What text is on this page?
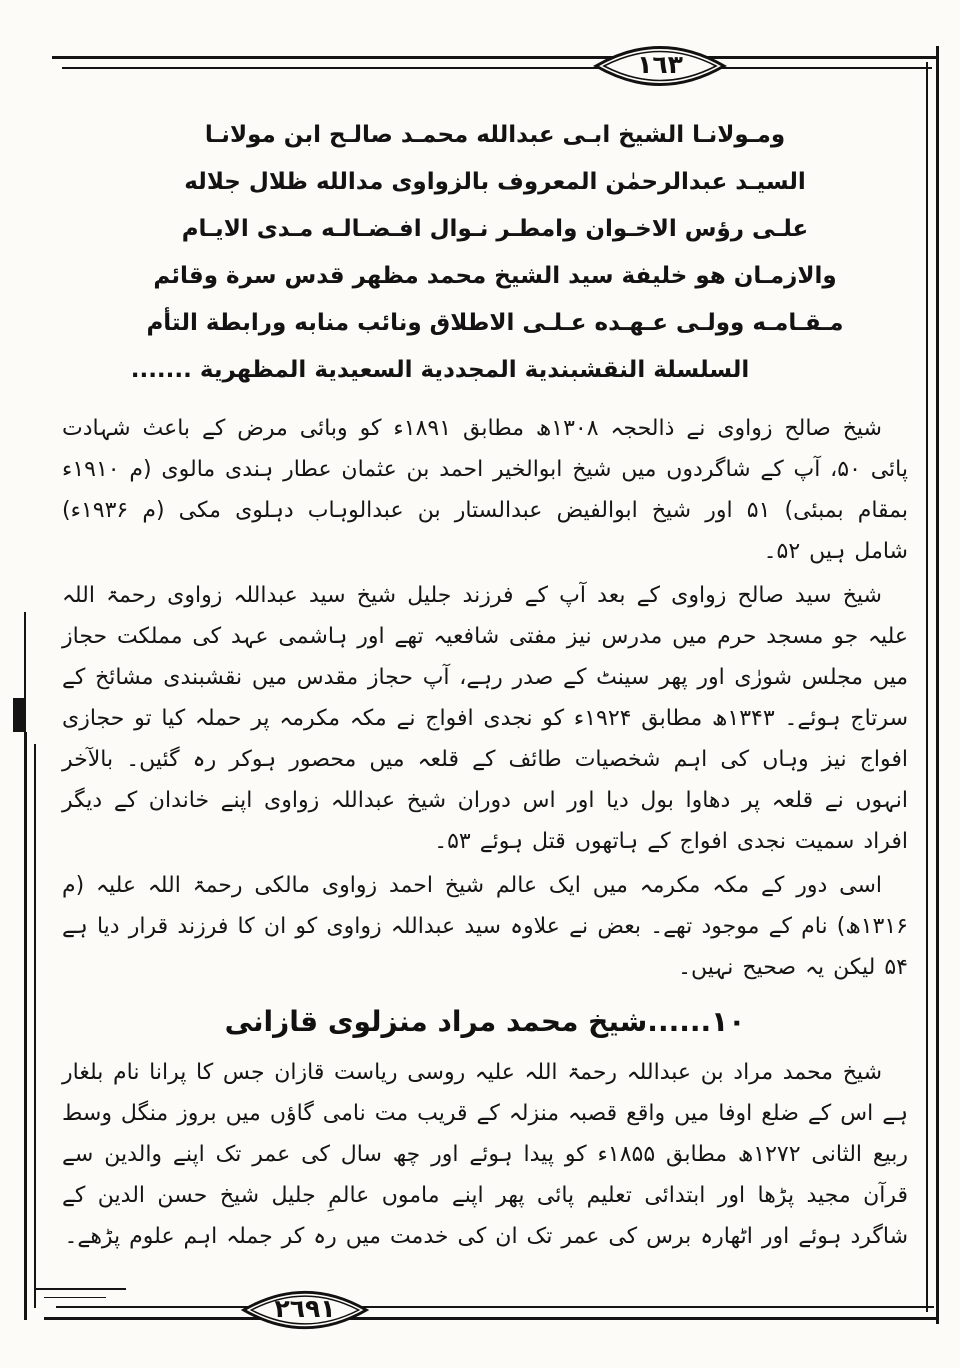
١٦٣
٢٦٩١
ومـولانـا الشيخ ابـى عبدالله محمـد صالـح ابن مولانـا
السيـد عبدالرحمٰن المعروف بالزواوى مدالله ظلال جلاله
علـى رؤس الاخـوان وامطـر نـوال افـضـالـه مـدى الايـام
والازمـان هو خليفة سيد الشيخ محمد مظهر قدس سرة وقائم
مـقـامـه وولـى عـهـده عـلـى الاطلاق ونائب منابه ورابطة التأم
السلسلة النقشبندية المجددية السعيدية المظهرية .......

شیخ صالح زواوی نے ذالحجہ ۱۳۰۸ھ مطابق ۱۸۹۱ء کو وبائی مرض کے باعث شہادت پائی ۵۰، آپ کے شاگردوں میں شیخ ابوالخیر احمد بن عثمان عطار ہندی مالوی (م ۱۹۱۰ء بمقام بمبئی) ۵۱ اور شیخ ابوالفیض عبدالستار بن عبدالوہاب دہلوی مکی (م ۱۹۳۶ء) شامل ہیں ۵۲۔

شیخ سید صالح زواوی کے بعد آپ کے فرزند جلیل شیخ سید عبداللہ زواوی رحمۃ اللہ علیہ جو مسجد حرم میں مدرس نیز مفتی شافعیہ تھے اور ہاشمی عہد کی مملکت حجاز میں مجلس شورٰی اور پھر سینٹ کے صدر رہے، آپ حجاز مقدس میں نقشبندی مشائخ کے سرتاج ہوئے۔ ۱۳۴۳ھ مطابق ۱۹۲۴ء کو نجدی افواج نے مکہ مکرمہ پر حملہ کیا تو حجازی افواج نیز وہاں کی اہم شخصیات طائف کے قلعہ میں محصور ہوکر رہ گئیں۔ بالآخر انہوں نے قلعہ پر دھاوا بول دیا اور اس دوران شیخ عبداللہ زواوی اپنے خاندان کے دیگر افراد سمیت نجدی افواج کے ہاتھوں قتل ہوئے ۵۳۔

اسی دور کے مکہ مکرمہ میں ایک عالم شیخ احمد زواوی مالکی رحمۃ اللہ علیہ (م ۱۳۱۶ھ) نام کے موجود تھے۔ بعض نے علاوہ سید عبداللہ زواوی کو ان کا فرزند قرار دیا ہے ۵۴ لیکن یہ صحیح نہیں۔

۱۰......شیخ محمد مراد منزلوی قازانی

شیخ محمد مراد بن عبداللہ رحمۃ اللہ علیہ روسی ریاست قازان جس کا پرانا نام بلغار ہے اس کے ضلع اوفا میں واقع قصبہ منزلہ کے قریب مت نامی گاؤں میں بروز منگل وسط ربیع الثانی ۱۲۷۲ھ مطابق ۱۸۵۵ء کو پیدا ہوئے اور چھ سال کی عمر تک اپنے والدین سے قرآن مجید پڑھا اور ابتدائی تعلیم پائی پھر اپنے ماموں عالمِ جلیل شیخ حسن الدین کے شاگرد ہوئے اور اٹھارہ برس کی عمر تک ان کی خدمت میں رہ کر جملہ اہم علوم پڑھے۔
